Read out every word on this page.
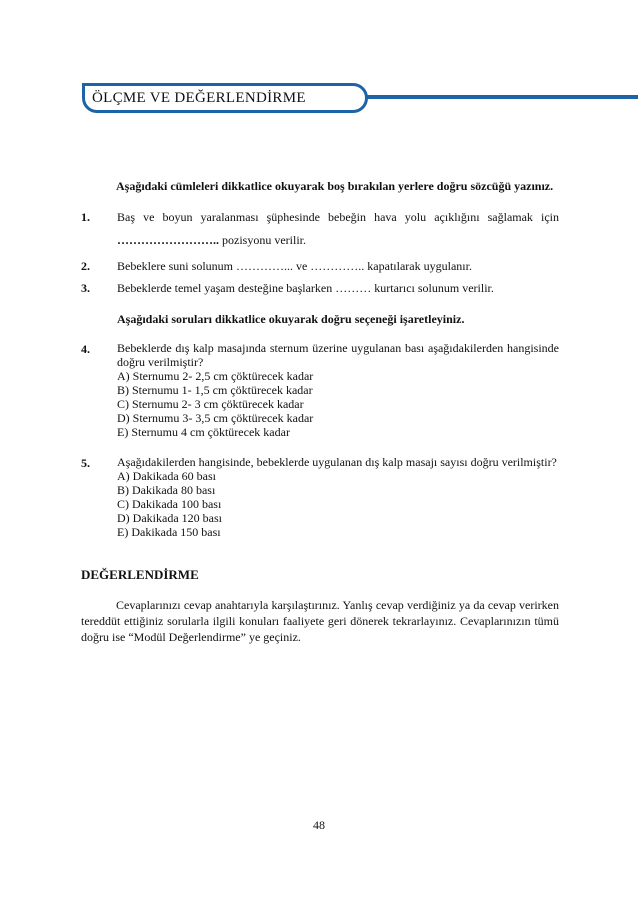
ÖLÇME VE DEĞERLENDİRME

Aşağıdaki cümleleri dikkatlice okuyarak boş bırakılan yerlere doğru sözcüğü yazınız.

1.	Baş ve boyun yaralanması şüphesinde bebeğin hava yolu açıklığını sağlamak için

…………………….. pozisyonu verilir.

2.	Bebeklere suni solunum …………... ve ………….. kapatılarak uygulanır.
3.	Bebeklerde temel yaşam desteğine başlarken ……… kurtarıcı solunum verilir.

Aşağıdaki soruları dikkatlice okuyarak doğru seçeneği işaretleyiniz.

4.	Bebeklerde dış kalp masajında sternum üzerine uygulanan bası aşağıdakilerden hangisinde doğru verilmiştir?

A) Sternumu 2- 2,5 cm çöktürecek kadar
B) Sternumu 1- 1,5 cm çöktürecek kadar
C) Sternumu 2- 3 cm çöktürecek kadar
D) Sternumu 3- 3,5 cm çöktürecek kadar
E) Sternumu 4 cm çöktürecek kadar
5.	Aşağıdakilerden hangisinde, bebeklerde uygulanan dış kalp masajı sayısı doğru verilmiştir?

A) Dakikada 60 bası
B) Dakikada 80 bası
C) Dakikada 100 bası
D) Dakikada 120 bası
E) Dakikada 150 bası

DEĞERLENDİRME

Cevaplarınızı cevap anahtarıyla karşılaştırınız. Yanlış cevap verdiğiniz ya da cevap verirken tereddüt ettiğiniz sorularla ilgili konuları faaliyete geri dönerek tekrarlayınız. Cevaplarınızın tümü doğru ise “Modül Değerlendirme” ye geçiniz.

48
